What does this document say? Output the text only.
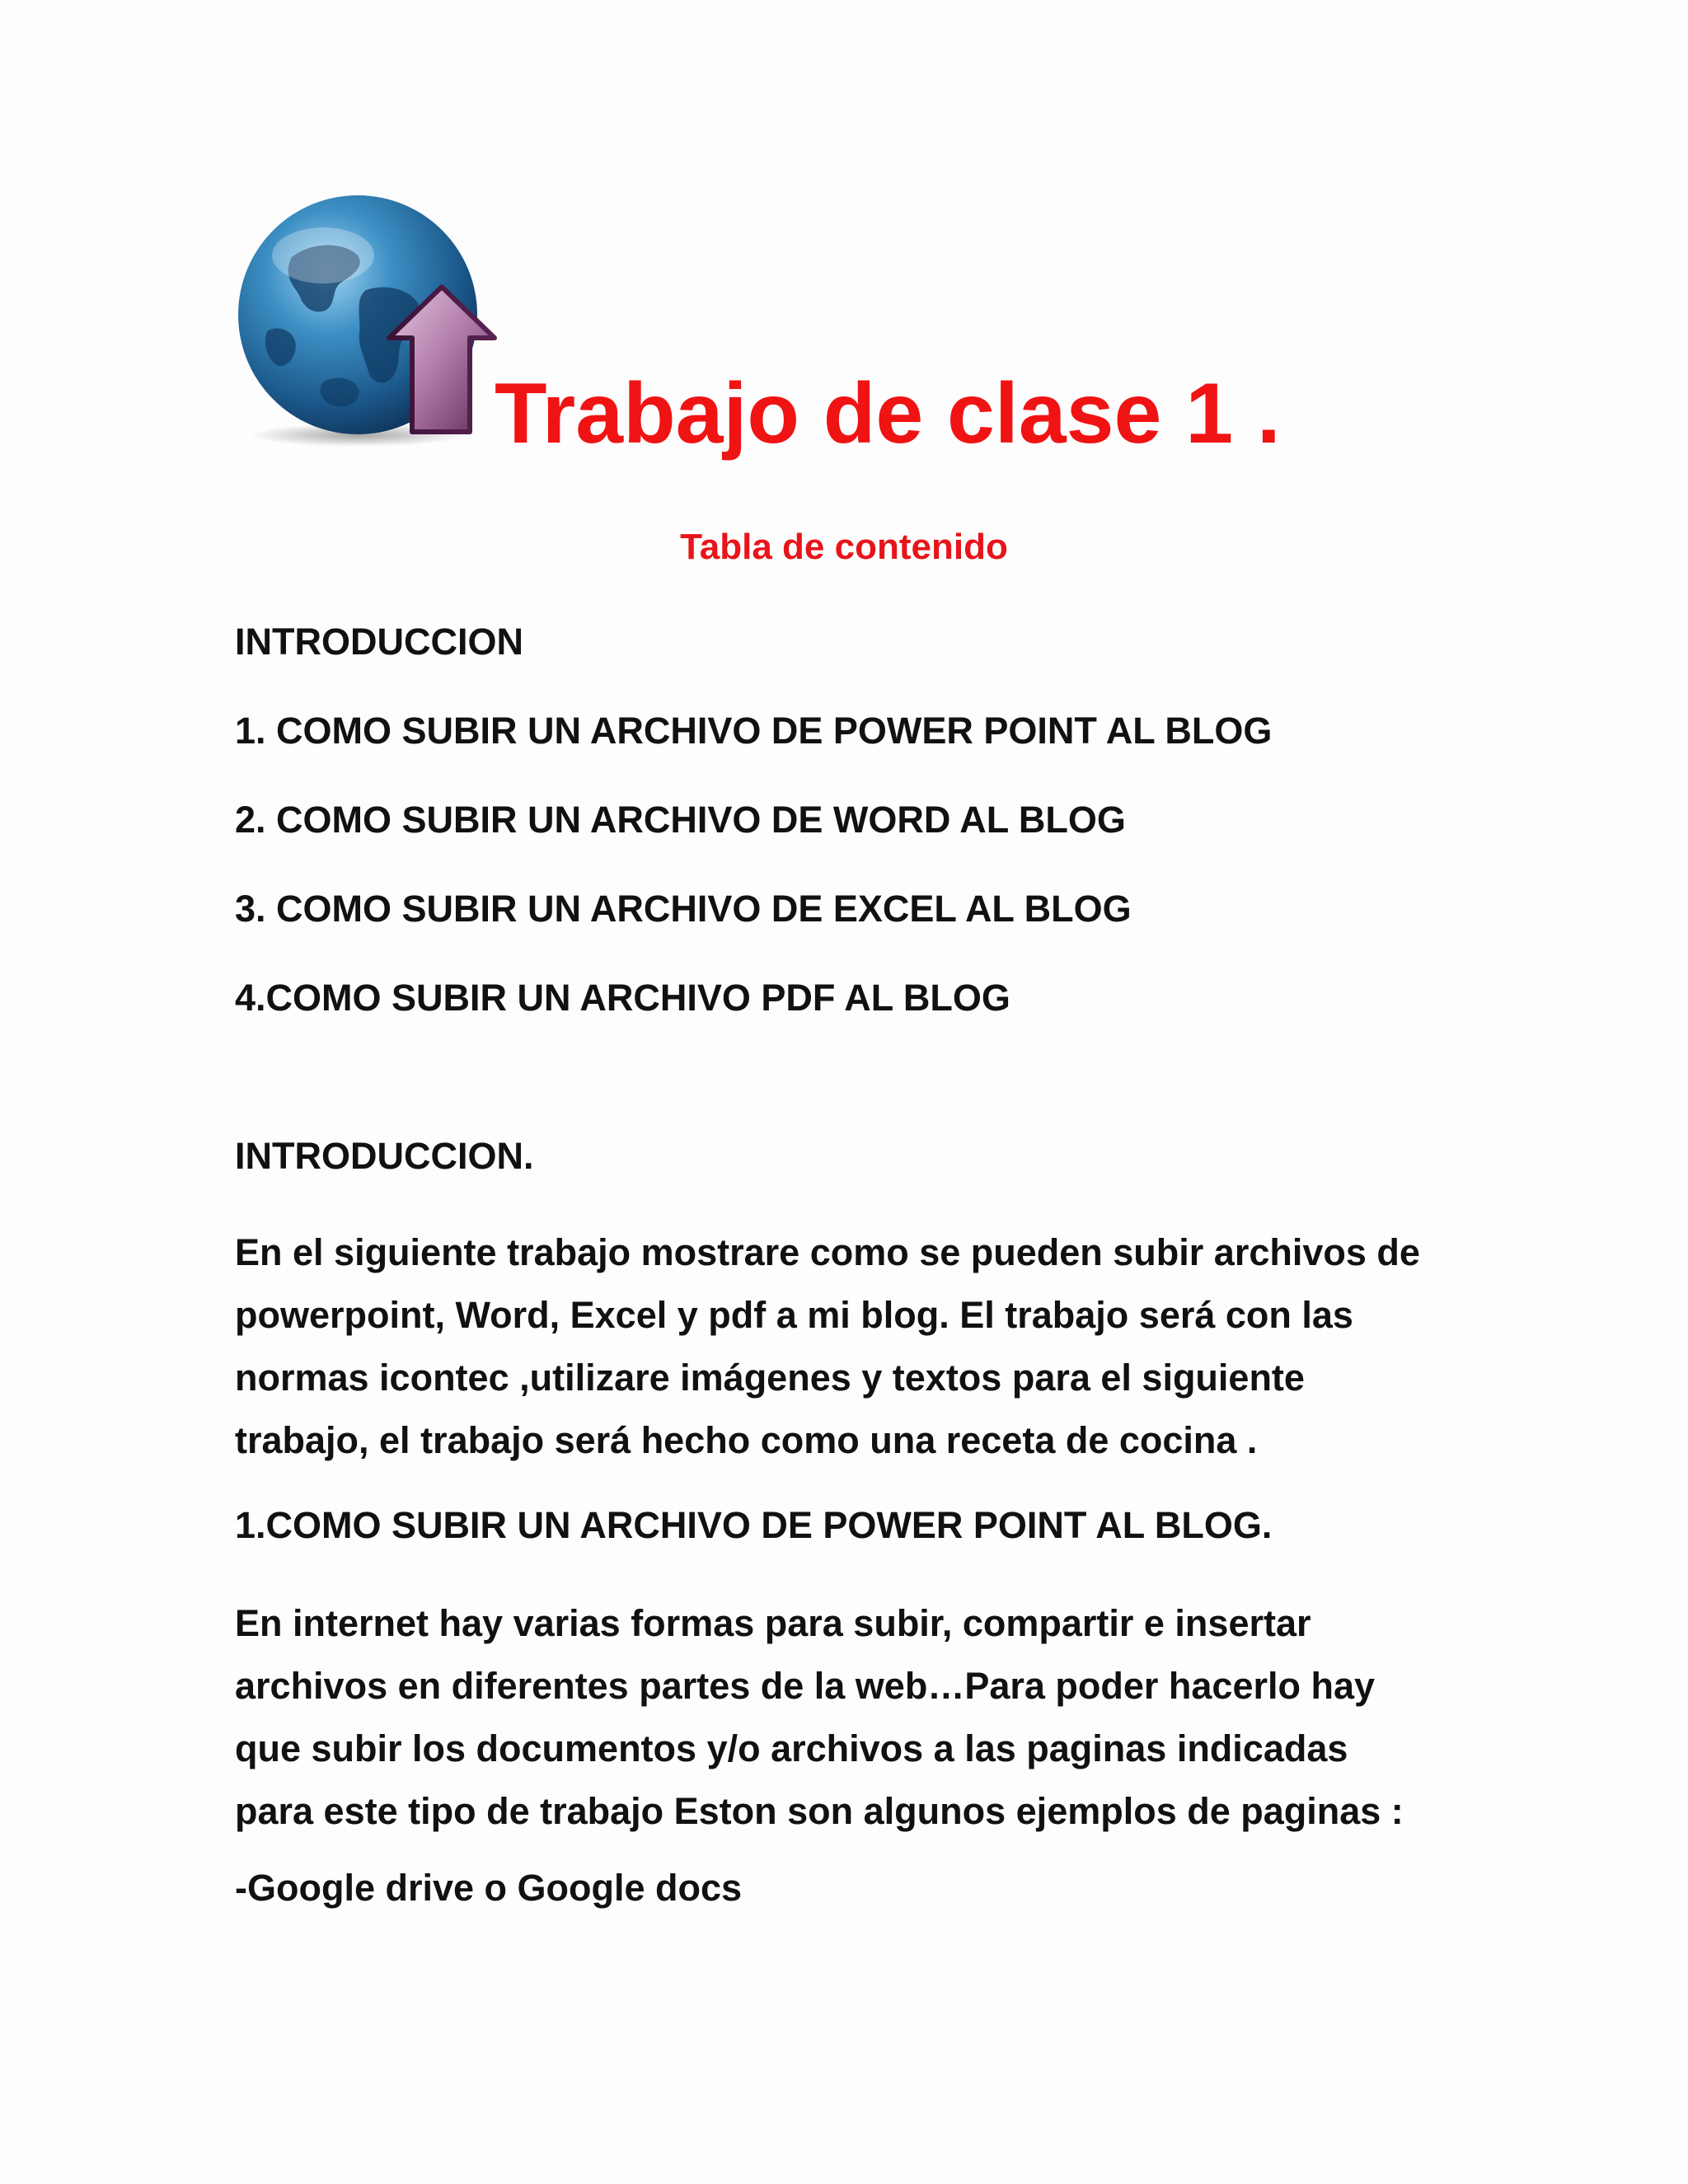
Trabajo de clase 1 .
Tabla de contenido
INTRODUCCION
1. COMO SUBIR UN ARCHIVO DE POWER POINT AL BLOG
2. COMO SUBIR UN ARCHIVO DE WORD AL BLOG
3. COMO SUBIR UN ARCHIVO DE EXCEL AL BLOG
4.COMO SUBIR UN ARCHIVO PDF AL BLOG
INTRODUCCION.

En el siguiente trabajo mostrare como se pueden subir archivos de
powerpoint, Word, Excel y pdf a mi blog. El trabajo será con las
normas icontec ,utilizare imágenes y textos para el siguiente
trabajo, el trabajo será hecho como una receta de cocina .

1.COMO SUBIR UN ARCHIVO DE POWER POINT AL BLOG.

En internet hay varias formas para subir, compartir e insertar
archivos en diferentes partes de la web…Para poder hacerlo hay
que subir los documentos y/o archivos a las paginas indicadas
para este tipo de trabajo Eston son algunos ejemplos de paginas :

-Google drive o Google docs
